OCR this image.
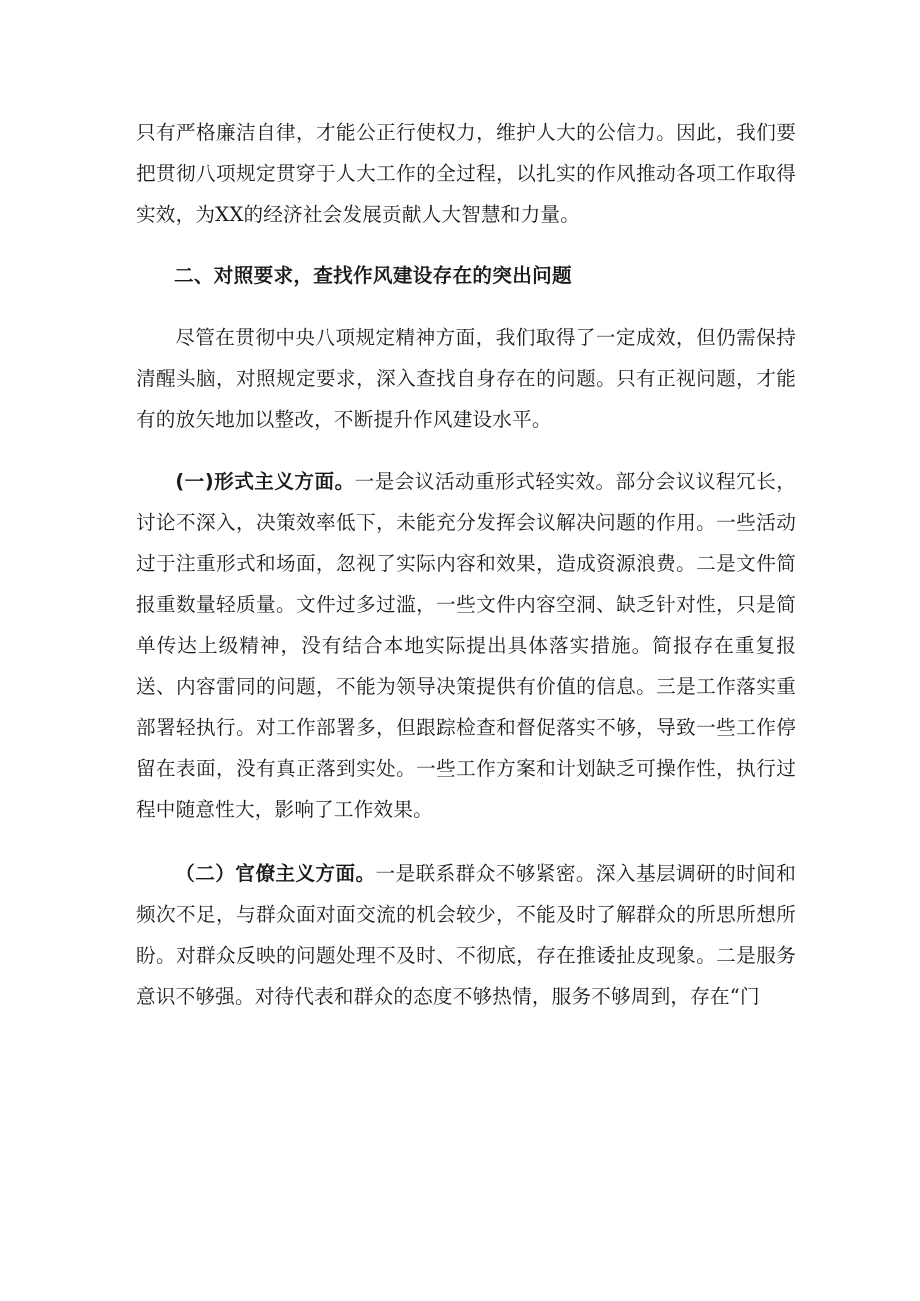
只有严格廉洁自律，才能公正行使权力，维护人大的公信力。因此，我们要把贯彻八项规定贯穿于人大工作的全过程，以扎实的作风推动各项工作取得实效，为XX的经济社会发展贡献人大智慧和力量。

二、对照要求，查找作风建设存在的突出问题

尽管在贯彻中央八项规定精神方面，我们取得了一定成效，但仍需保持清醒头脑，对照规定要求，深入查找自身存在的问题。只有正视问题，才能有的放矢地加以整改，不断提升作风建设水平。

(一)形式主义方面。一是会议活动重形式轻实效。部分会议议程冗长，讨论不深入，决策效率低下，未能充分发挥会议解决问题的作用。一些活动过于注重形式和场面，忽视了实际内容和效果，造成资源浪费。二是文件简报重数量轻质量。文件过多过滥，一些文件内容空洞、缺乏针对性，只是简单传达上级精神，没有结合本地实际提出具体落实措施。简报存在重复报送、内容雷同的问题，不能为领导决策提供有价值的信息。三是工作落实重部署轻执行。对工作部署多，但跟踪检查和督促落实不够，导致一些工作停留在表面，没有真正落到实处。一些工作方案和计划缺乏可操作性，执行过程中随意性大，影响了工作效果。

（二）官僚主义方面。一是联系群众不够紧密。深入基层调研的时间和频次不足，与群众面对面交流的机会较少，不能及时了解群众的所思所想所盼。对群众反映的问题处理不及时、不彻底，存在推诿扯皮现象。二是服务意识不够强。对待代表和群众的态度不够热情，服务不够周到，存在“门
